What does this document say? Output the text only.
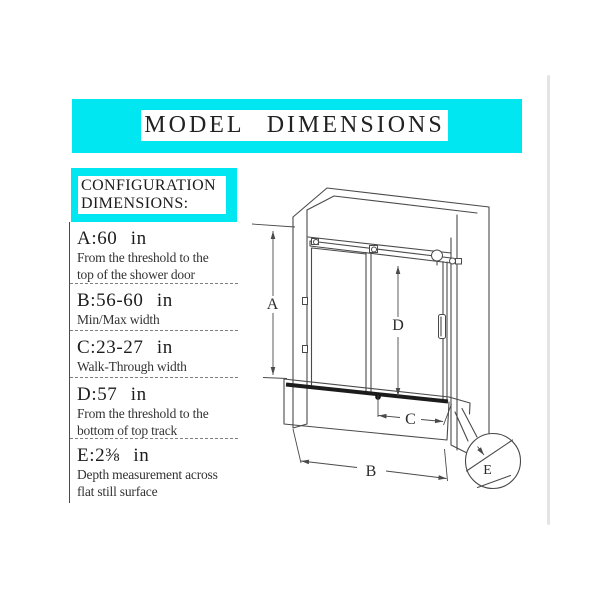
MODEL DIMENSIONS
CONFIGURATION
DIMENSIONS:
A:60 in
From the threshold to the
top of the shower door
B:56-60 in
Min/Max width
C:23-27 in
Walk-Through width
D:57 in
From the threshold to the
bottom of top track
E:2⅜ in
Depth measurement across
flat still surface
E
A
D
C
B
